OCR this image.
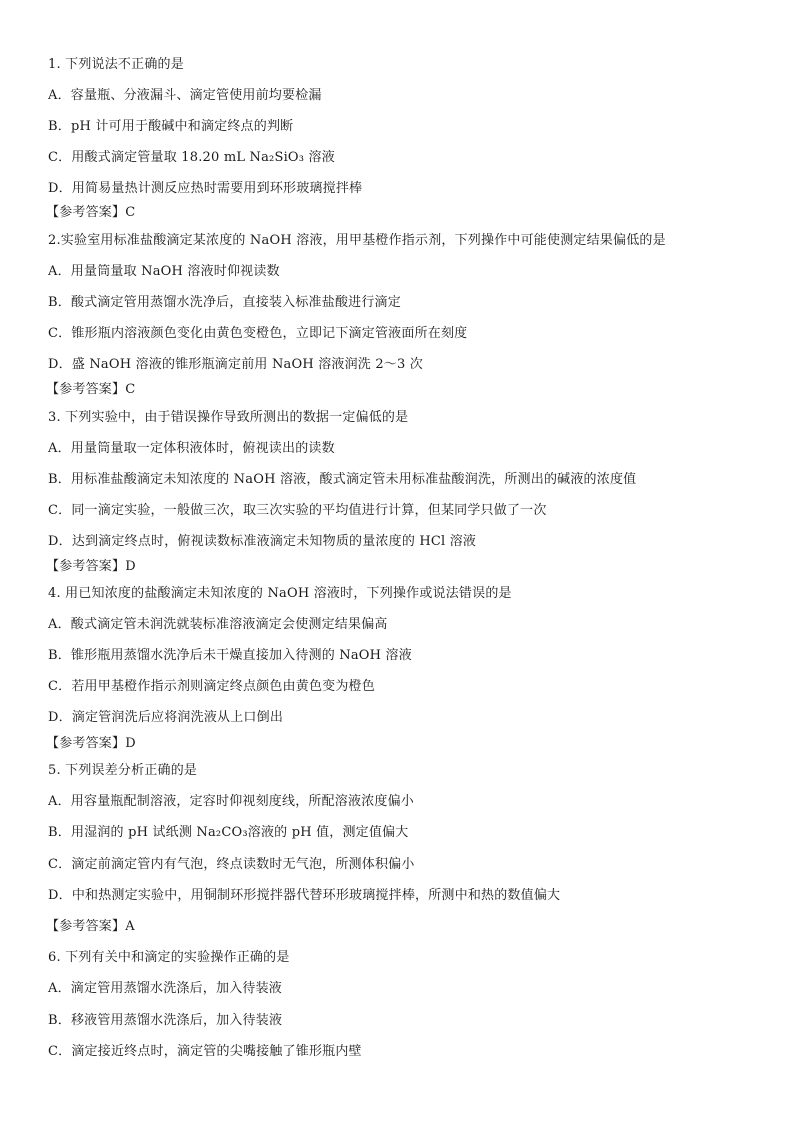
1. 下列说法不正确的是
A．容量瓶、分液漏斗、滴定管使用前均要检漏
B．pH 计可用于酸碱中和滴定终点的判断
C．用酸式滴定管量取 18.20 mL Na₂SiO₃ 溶液
D．用简易量热计测反应热时需要用到环形玻璃搅拌棒
【参考答案】C
2.实验室用标准盐酸滴定某浓度的 NaOH 溶液，用甲基橙作指示剂，下列操作中可能使测定结果偏低的是
A．用量筒量取 NaOH 溶液时仰视读数
B．酸式滴定管用蒸馏水洗净后，直接装入标准盐酸进行滴定
C．锥形瓶内溶液颜色变化由黄色变橙色，立即记下滴定管液面所在刻度
D．盛 NaOH 溶液的锥形瓶滴定前用 NaOH 溶液润洗 2～3 次
【参考答案】C
3. 下列实验中，由于错误操作导致所测出的数据一定偏低的是
A．用量筒量取一定体积液体时，俯视读出的读数
B．用标准盐酸滴定未知浓度的 NaOH 溶液，酸式滴定管未用标准盐酸润洗，所测出的碱液的浓度值
C．同一滴定实验，一般做三次，取三次实验的平均值进行计算，但某同学只做了一次
D．达到滴定终点时，俯视读数标准液滴定未知物质的量浓度的 HCl 溶液
【参考答案】D
4. 用已知浓度的盐酸滴定未知浓度的 NaOH 溶液时，下列操作或说法错误的是
A．酸式滴定管未润洗就装标准溶液滴定会使测定结果偏高
B．锥形瓶用蒸馏水洗净后未干燥直接加入待测的 NaOH 溶液
C．若用甲基橙作指示剂则滴定终点颜色由黄色变为橙色
D．滴定管润洗后应将润洗液从上口倒出
【参考答案】D
5. 下列误差分析正确的是
A．用容量瓶配制溶液，定容时仰视刻度线，所配溶液浓度偏小
B．用湿润的 pH 试纸测 Na₂CO₃溶液的 pH 值，测定值偏大
C．滴定前滴定管内有气泡，终点读数时无气泡，所测体积偏小
D．中和热测定实验中，用铜制环形搅拌器代替环形玻璃搅拌棒，所测中和热的数值偏大
【参考答案】A
6. 下列有关中和滴定的实验操作正确的是
A．滴定管用蒸馏水洗涤后，加入待装液
B．移液管用蒸馏水洗涤后，加入待装液
C．滴定接近终点时，滴定管的尖嘴接触了锥形瓶内壁
